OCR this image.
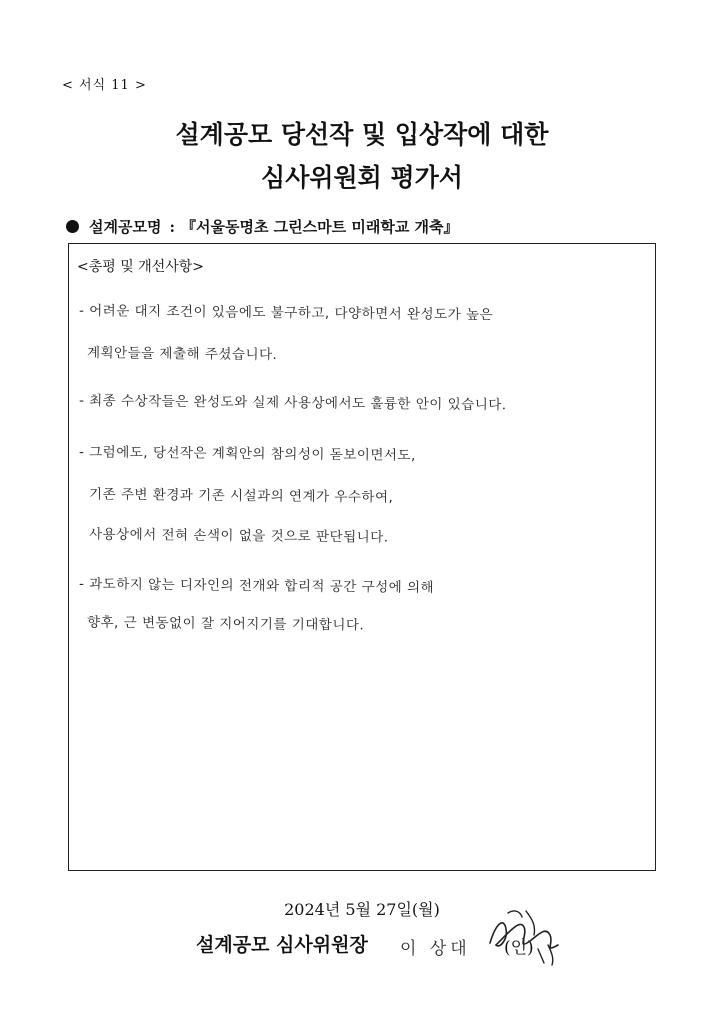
< 서식 11 >
설계공모 당선작 및 입상작에 대한
심사위원회 평가서
설계공모명 : 『서울동명초 그린스마트 미래학교 개축』
<총평 및 개선사항>
- 어려운 대지 조건이 있음에도 불구하고, 다양하면서 완성도가 높은
계획안들을 제출해 주셨습니다.
- 최종 수상작들은 완성도와 실제 사용상에서도 훌륭한 안이 있습니다.
- 그럼에도, 당선작은 계획안의 참의성이 돋보이면서도,
기존 주변 환경과 기존 시설과의 연계가 우수하여,
사용상에서 전혀 손색이 없을 것으로 판단됩니다.
- 과도하지 않는 디자인의 전개와 합리적 공간 구성에 의해
향후, 근 변동없이 잘 지어지기를 기대합니다.
2024년 5월 27일(월)
설계공모 심사위원장 이 상대 (인)
